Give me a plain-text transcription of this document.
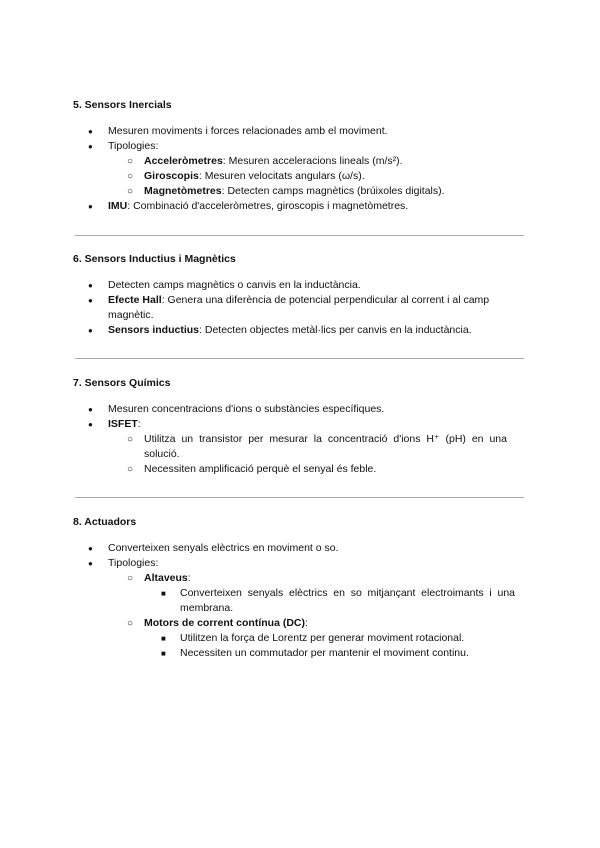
5. Sensors Inercials
● Mesuren moviments i forces relacionades amb el moviment.
● Tipologies:
○ Acceleròmetres: Mesuren acceleracions lineals (m/s²).
○ Giroscopis: Mesuren velocitats angulars (ω/s).
○ Magnetòmetres: Detecten camps magnètics (brúixoles digitals).
● IMU: Combinació d'acceleròmetres, giroscopis i magnetòmetres.
6. Sensors Inductius i Magnètics
● Detecten camps magnètics o canvis en la inductància.
● Efecte Hall: Genera una diferència de potencial perpendicular al corrent i al camp magnètic.
● Sensors inductius: Detecten objectes metàl·lics per canvis en la inductància.
7. Sensors Químics
● Mesuren concentracions d'ions o substàncies específiques.
● ISFET:
○ Utilitza un transistor per mesurar la concentració d'ions H⁺ (pH) en una solució.
○ Necessiten amplificació perquè el senyal és feble.
8. Actuadors
● Converteixen senyals elèctrics en moviment o so.
● Tipologies:
○ Altaveus:
■ Converteixen senyals elèctrics en so mitjançant electroimants i una membrana.
○ Motors de corrent contínua (DC):
■ Utilitzen la força de Lorentz per generar moviment rotacional.
■ Necessiten un commutador per mantenir el moviment continu.
